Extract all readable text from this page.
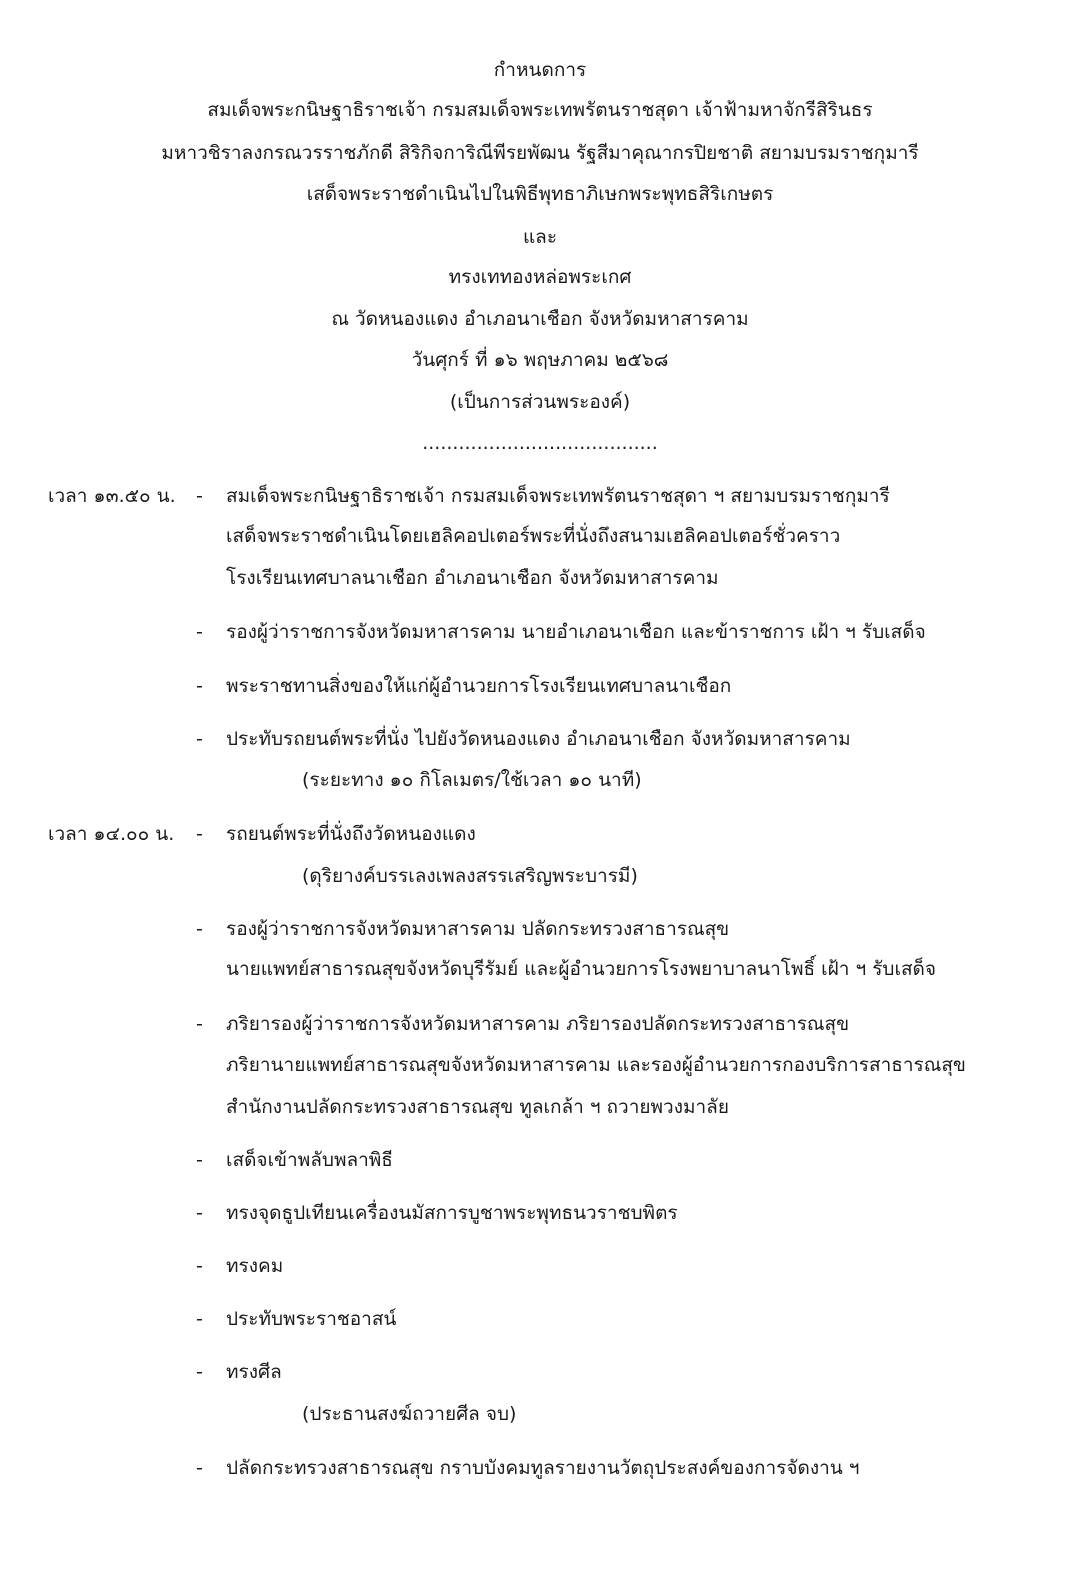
กำหนดการ
สมเด็จพระกนิษฐาธิราชเจ้า กรมสมเด็จพระเทพรัตนราชสุดา เจ้าฟ้ามหาจักรีสิรินธร
มหาวชิราลงกรณวรราชภักดี สิริกิจการิณีพีรยพัฒน รัฐสีมาคุณากรปิยชาติ สยามบรมราชกุมารี
เสด็จพระราชดำเนินไปในพิธีพุทธาภิเษกพระพุทธสิริเกษตร
และ
ทรงเททองหล่อพระเกศ
ณ วัดหนองแดง อำเภอนาเชือก จังหวัดมหาสารคาม
วันศุกร์ ที่ ๑๖ พฤษภาคม ๒๕๖๘
(เป็นการส่วนพระองค์)
.......................................
เวลา ๑๓.๕๐ น. - สมเด็จพระกนิษฐาธิราชเจ้า กรมสมเด็จพระเทพรัตนราชสุดา ฯ สยามบรมราชกุมารี
เสด็จพระราชดำเนินโดยเฮลิคอปเตอร์พระที่นั่งถึงสนามเฮลิคอปเตอร์ชั่วคราว
โรงเรียนเทศบาลนาเชือก อำเภอนาเชือก จังหวัดมหาสารคาม
- รองผู้ว่าราชการจังหวัดมหาสารคาม นายอำเภอนาเชือก และข้าราชการ เฝ้า ฯ รับเสด็จ
- พระราชทานสิ่งของให้แก่ผู้อำนวยการโรงเรียนเทศบาลนาเชือก
- ประทับรถยนต์พระที่นั่ง ไปยังวัดหนองแดง อำเภอนาเชือก จังหวัดมหาสารคาม
(ระยะทาง ๑๐ กิโลเมตร/ใช้เวลา ๑๐ นาที)
เวลา ๑๔.๐๐ น. - รถยนต์พระที่นั่งถึงวัดหนองแดง
(ดุริยางค์บรรเลงเพลงสรรเสริญพระบารมี)
- รองผู้ว่าราชการจังหวัดมหาสารคาม ปลัดกระทรวงสาธารณสุข
นายแพทย์สาธารณสุขจังหวัดบุรีรัมย์ และผู้อำนวยการโรงพยาบาลนาโพธิ์ เฝ้า ฯ รับเสด็จ
- ภริยารองผู้ว่าราชการจังหวัดมหาสารคาม ภริยารองปลัดกระทรวงสาธารณสุข
ภริยานายแพทย์สาธารณสุขจังหวัดมหาสารคาม และรองผู้อำนวยการกองบริการสาธารณสุข
สำนักงานปลัดกระทรวงสาธารณสุข ทูลเกล้า ฯ ถวายพวงมาลัย
- เสด็จเข้าพลับพลาพิธี
- ทรงจุดธูปเทียนเครื่องนมัสการบูชาพระพุทธนวราชบพิตร
- ทรงคม
- ประทับพระราชอาสน์
- ทรงศีล
(ประธานสงฆ์ถวายศีล จบ)
- ปลัดกระทรวงสาธารณสุข กราบบังคมทูลรายงานวัตถุประสงค์ของการจัดงาน ฯ
